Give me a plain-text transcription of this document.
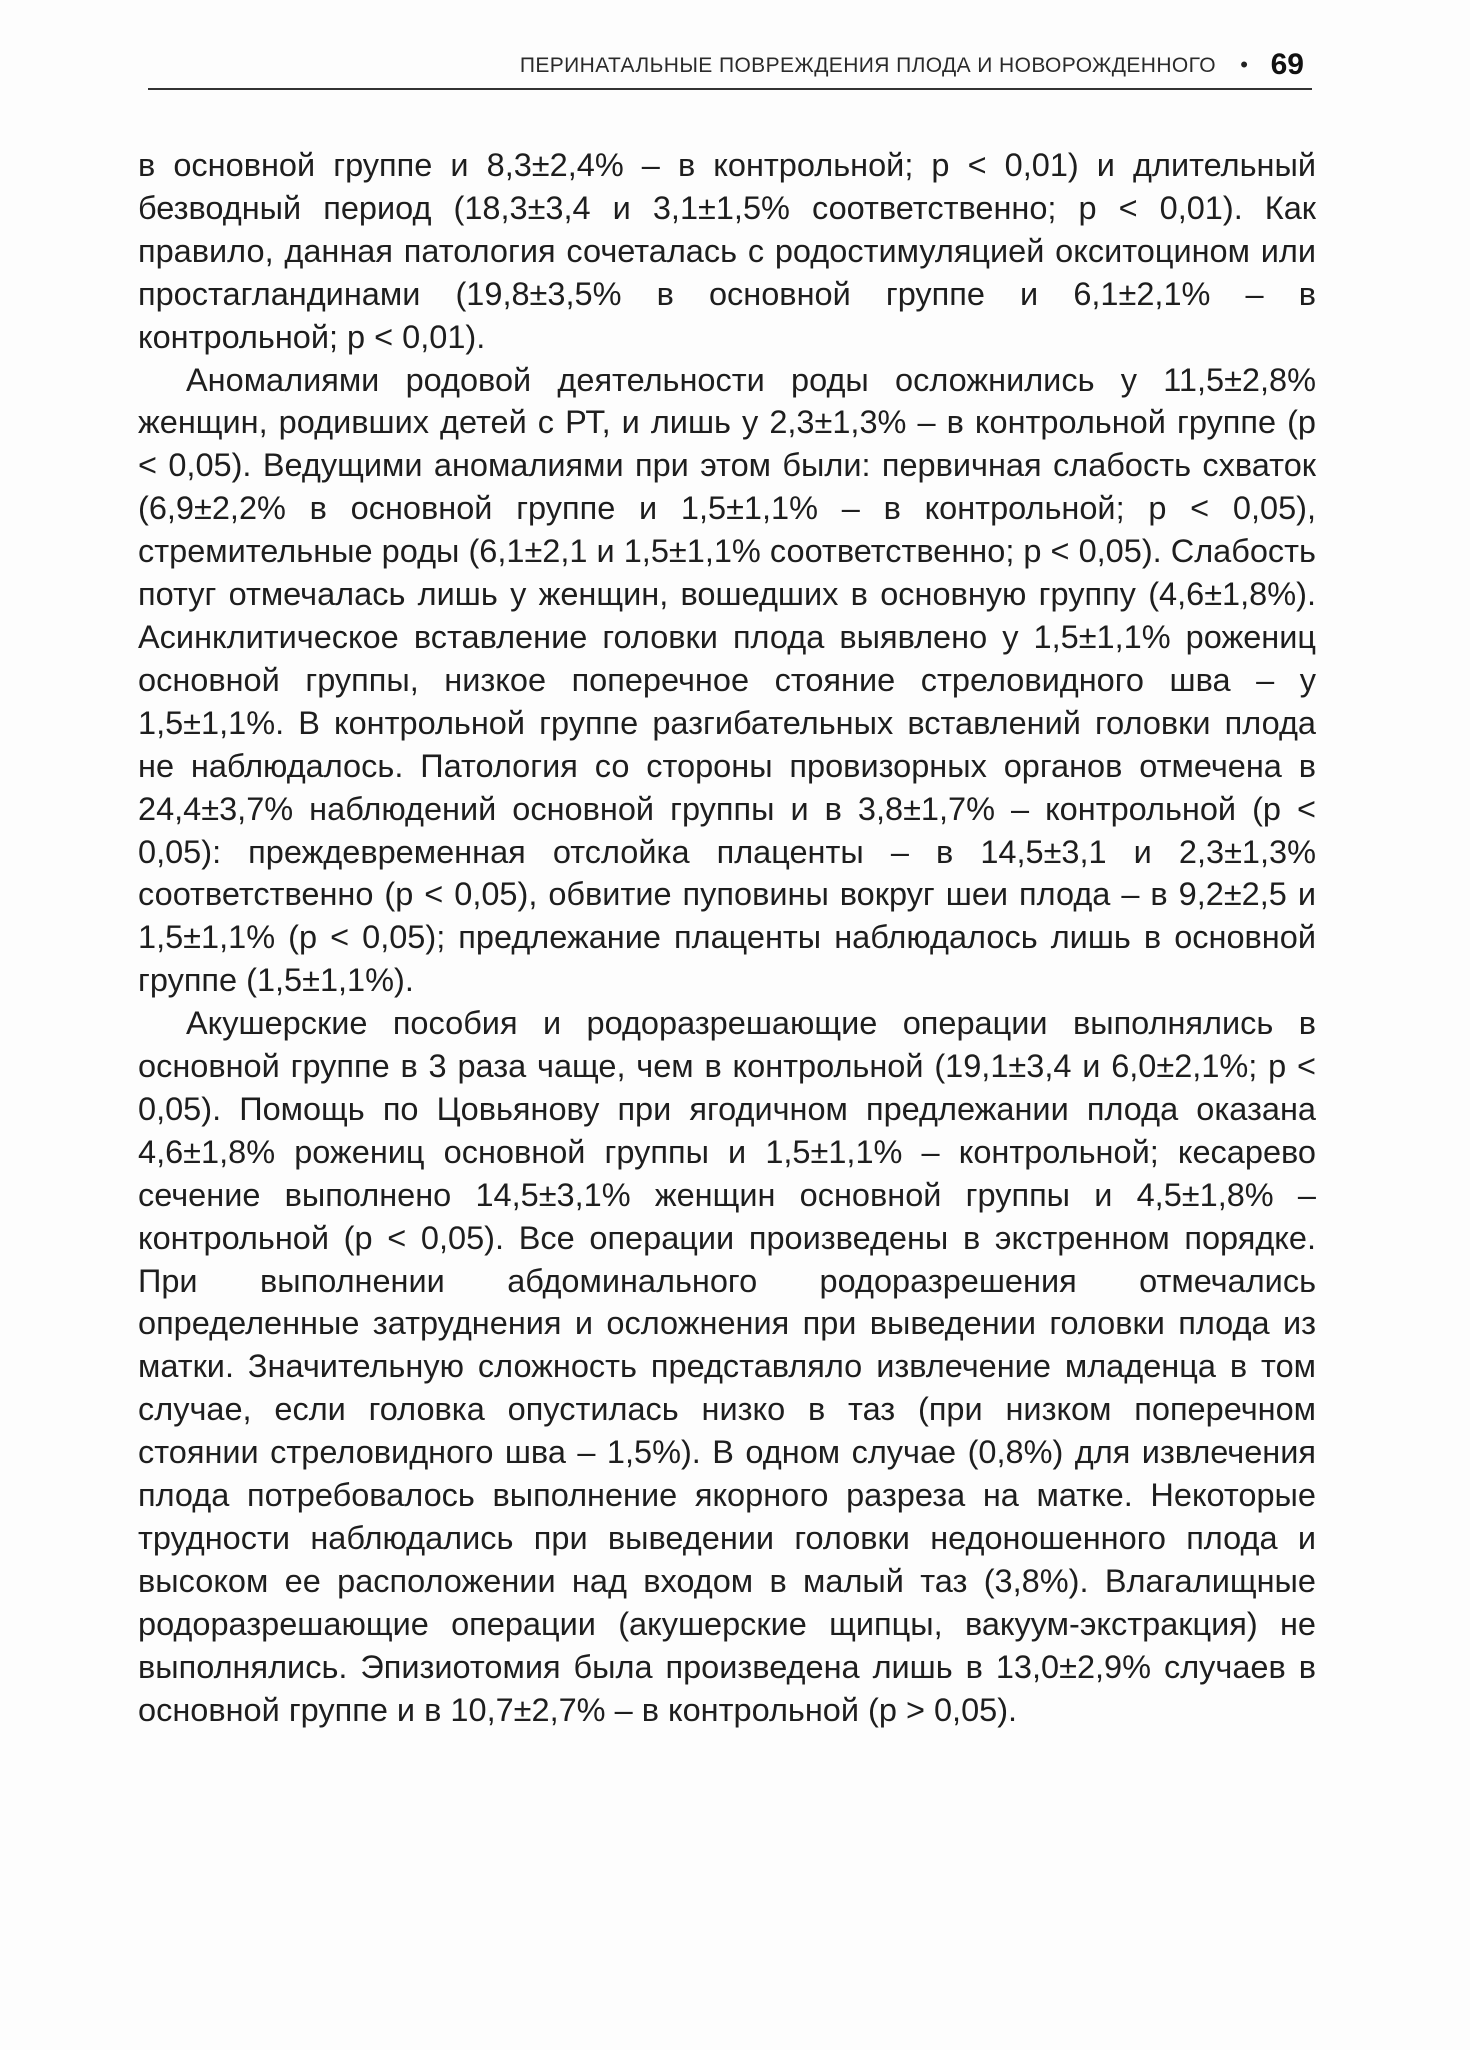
ПЕРИНАТАЛЬНЫЕ ПОВРЕЖДЕНИЯ ПЛОДА И НОВОРОЖДЕННОГО • 69

в основной группе и 8,3±2,4% – в контрольной; p < 0,01) и длительный безводный период (18,3±3,4 и 3,1±1,5% соответственно; p < 0,01). Как правило, данная патология сочеталась с родостимуляцией окситоцином или простагландинами (19,8±3,5% в основной группе и 6,1±2,1% – в контрольной; p < 0,01).

Аномалиями родовой деятельности роды осложнились у 11,5±2,8% женщин, родивших детей с РТ, и лишь у 2,3±1,3% – в контрольной группе (p < 0,05). Ведущими аномалиями при этом были: первичная слабость схваток (6,9±2,2% в основной группе и 1,5±1,1% – в контрольной; p < 0,05), стремительные роды (6,1±2,1 и 1,5±1,1% соответственно; p < 0,05). Слабость потуг отмечалась лишь у женщин, вошедших в основную группу (4,6±1,8%). Асинклитическое вставление головки плода выявлено у 1,5±1,1% рожениц основной группы, низкое поперечное стояние стреловидного шва – у 1,5±1,1%. В контрольной группе разгибательных вставлений головки плода не наблюдалось. Патология со стороны провизорных органов отмечена в 24,4±3,7% наблюдений основной группы и в 3,8±1,7% – контрольной (p < 0,05): преждевременная отслойка плаценты – в 14,5±3,1 и 2,3±1,3% соответственно (p < 0,05), обвитие пуповины вокруг шеи плода – в 9,2±2,5 и 1,5±1,1% (p < 0,05); предлежание плаценты наблюдалось лишь в основной группе (1,5±1,1%).

Акушерские пособия и родоразрешающие операции выполнялись в основной группе в 3 раза чаще, чем в контрольной (19,1±3,4 и 6,0±2,1%; p < 0,05). Помощь по Цовьянову при ягодичном предлежании плода оказана 4,6±1,8% рожениц основной группы и 1,5±1,1% – контрольной; кесарево сечение выполнено 14,5±3,1% женщин основной группы и 4,5±1,8% – контрольной (p < 0,05). Все операции произведены в экстренном порядке. При выполнении абдоминального родоразрешения отмечались определенные затруднения и осложнения при выведении головки плода из матки. Значительную сложность представляло извлечение младенца в том случае, если головка опустилась низко в таз (при низком поперечном стоянии стреловидного шва – 1,5%). В одном случае (0,8%) для извлечения плода потребовалось выполнение якорного разреза на матке. Некоторые трудности наблюдались при выведении головки недоношенного плода и высоком ее расположении над входом в малый таз (3,8%). Влагалищные родоразрешающие операции (акушерские щипцы, вакуум-экстракция) не выполнялись. Эпизиотомия была произведена лишь в 13,0±2,9% случаев в основной группе и в 10,7±2,7% – в контрольной (p > 0,05).
